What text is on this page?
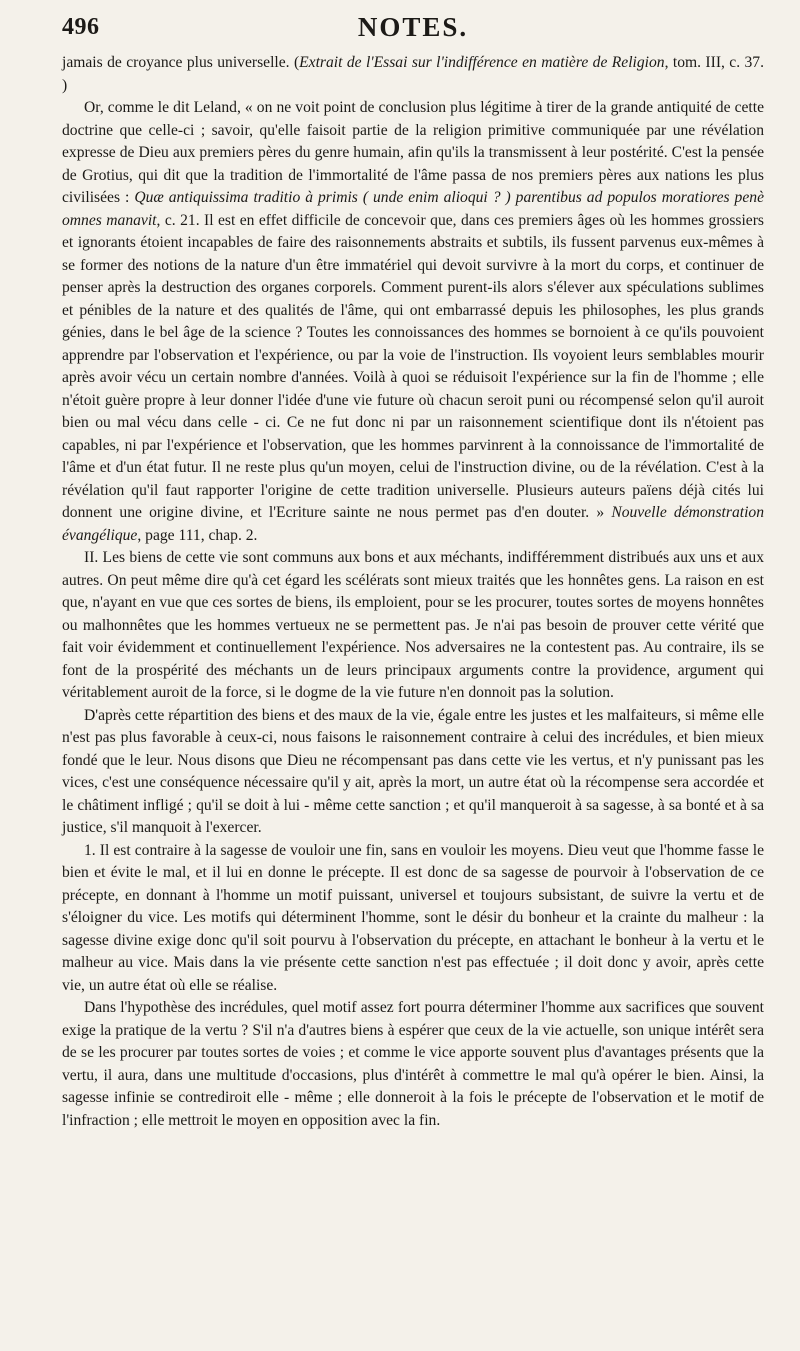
496	NOTES.

jamais de croyance plus universelle. (Extrait de l'Essai sur l'indifférence en matière de Religion, tom. III, c. 37. )

Or, comme le dit Leland, « on ne voit point de conclusion plus légitime à tirer de la grande antiquité de cette doctrine que celle-ci ; savoir, qu'elle faisoit partie de la religion primitive communiquée par une révélation expresse de Dieu aux premiers pères du genre humain, afin qu'ils la transmissent à leur postérité. C'est la pensée de Grotius, qui dit que la tradition de l'immortalité de l'âme passa de nos premiers pères aux nations les plus civilisées : Quæ antiquissima traditio à primis ( unde enim alioqui ? ) parentibus ad populos moratiores penè omnes manavit, c. 21. Il est en effet difficile de concevoir que, dans ces premiers âges où les hommes grossiers et ignorants étoient incapables de faire des raisonnements abstraits et subtils, ils fussent parvenus eux-mêmes à se former des notions de la nature d'un être immatériel qui devoit survivre à la mort du corps, et continuer de penser après la destruction des organes corporels. Comment purent-ils alors s'élever aux spéculations sublimes et pénibles de la nature et des qualités de l'âme, qui ont embarrassé depuis les philosophes, les plus grands génies, dans le bel âge de la science ? Toutes les connoissances des hommes se bornoient à ce qu'ils pouvoient apprendre par l'observation et l'expérience, ou par la voie de l'instruction. Ils voyoient leurs semblables mourir après avoir vécu un certain nombre d'années. Voilà à quoi se réduisoit l'expérience sur la fin de l'homme ; elle n'étoit guère propre à leur donner l'idée d'une vie future où chacun seroit puni ou récompensé selon qu'il auroit bien ou mal vécu dans celle - ci. Ce ne fut donc ni par un raisonnement scientifique dont ils n'étoient pas capables, ni par l'expérience et l'observation, que les hommes parvinrent à la connoissance de l'immortalité de l'âme et d'un état futur. Il ne reste plus qu'un moyen, celui de l'instruction divine, ou de la révélation. C'est à la révélation qu'il faut rapporter l'origine de cette tradition universelle. Plusieurs auteurs païens déjà cités lui donnent une origine divine, et l'Ecriture sainte ne nous permet pas d'en douter. » Nouvelle démonstration évangélique, page 111, chap. 2.

II. Les biens de cette vie sont communs aux bons et aux méchants, indifféremment distribués aux uns et aux autres. On peut même dire qu'à cet égard les scélérats sont mieux traités que les honnêtes gens. La raison en est que, n'ayant en vue que ces sortes de biens, ils emploient, pour se les procurer, toutes sortes de moyens honnêtes ou malhonnêtes que les hommes vertueux ne se permettent pas. Je n'ai pas besoin de prouver cette vérité que fait voir évidemment et continuellement l'expérience. Nos adversaires ne la contestent pas. Au contraire, ils se font de la prospérité des méchants un de leurs principaux arguments contre la providence, argument qui véritablement auroit de la force, si le dogme de la vie future n'en donnoit pas la solution.

D'après cette répartition des biens et des maux de la vie, égale entre les justes et les malfaiteurs, si même elle n'est pas plus favorable à ceux-ci, nous faisons le raisonnement contraire à celui des incrédules, et bien mieux fondé que le leur. Nous disons que Dieu ne récompensant pas dans cette vie les vertus, et n'y punissant pas les vices, c'est une conséquence nécessaire qu'il y ait, après la mort, un autre état où la récompense sera accordée et le châtiment infligé ; qu'il se doit à lui - même cette sanction ; et qu'il manqueroit à sa sagesse, à sa bonté et à sa justice, s'il manquoit à l'exercer.

1. Il est contraire à la sagesse de vouloir une fin, sans en vouloir les moyens. Dieu veut que l'homme fasse le bien et évite le mal, et il lui en donne le précepte. Il est donc de sa sagesse de pourvoir à l'observation de ce précepte, en donnant à l'homme un motif puissant, universel et toujours subsistant, de suivre la vertu et de s'éloigner du vice. Les motifs qui déterminent l'homme, sont le désir du bonheur et la crainte du malheur : la sagesse divine exige donc qu'il soit pourvu à l'observation du précepte, en attachant le bonheur à la vertu et le malheur au vice. Mais dans la vie présente cette sanction n'est pas effectuée ; il doit donc y avoir, après cette vie, un autre état où elle se réalise.

Dans l'hypothèse des incrédules, quel motif assez fort pourra déterminer l'homme aux sacrifices que souvent exige la pratique de la vertu ? S'il n'a d'autres biens à espérer que ceux de la vie actuelle, son unique intérêt sera de se les procurer par toutes sortes de voies ; et comme le vice apporte souvent plus d'avantages présents que la vertu, il aura, dans une multitude d'occasions, plus d'intérêt à commettre le mal qu'à opérer le bien. Ainsi, la sagesse infinie se contrediroit elle - même ; elle donneroit à la fois le précepte de l'observation et le motif de l'infraction ; elle mettroit le moyen en opposition avec la fin.
